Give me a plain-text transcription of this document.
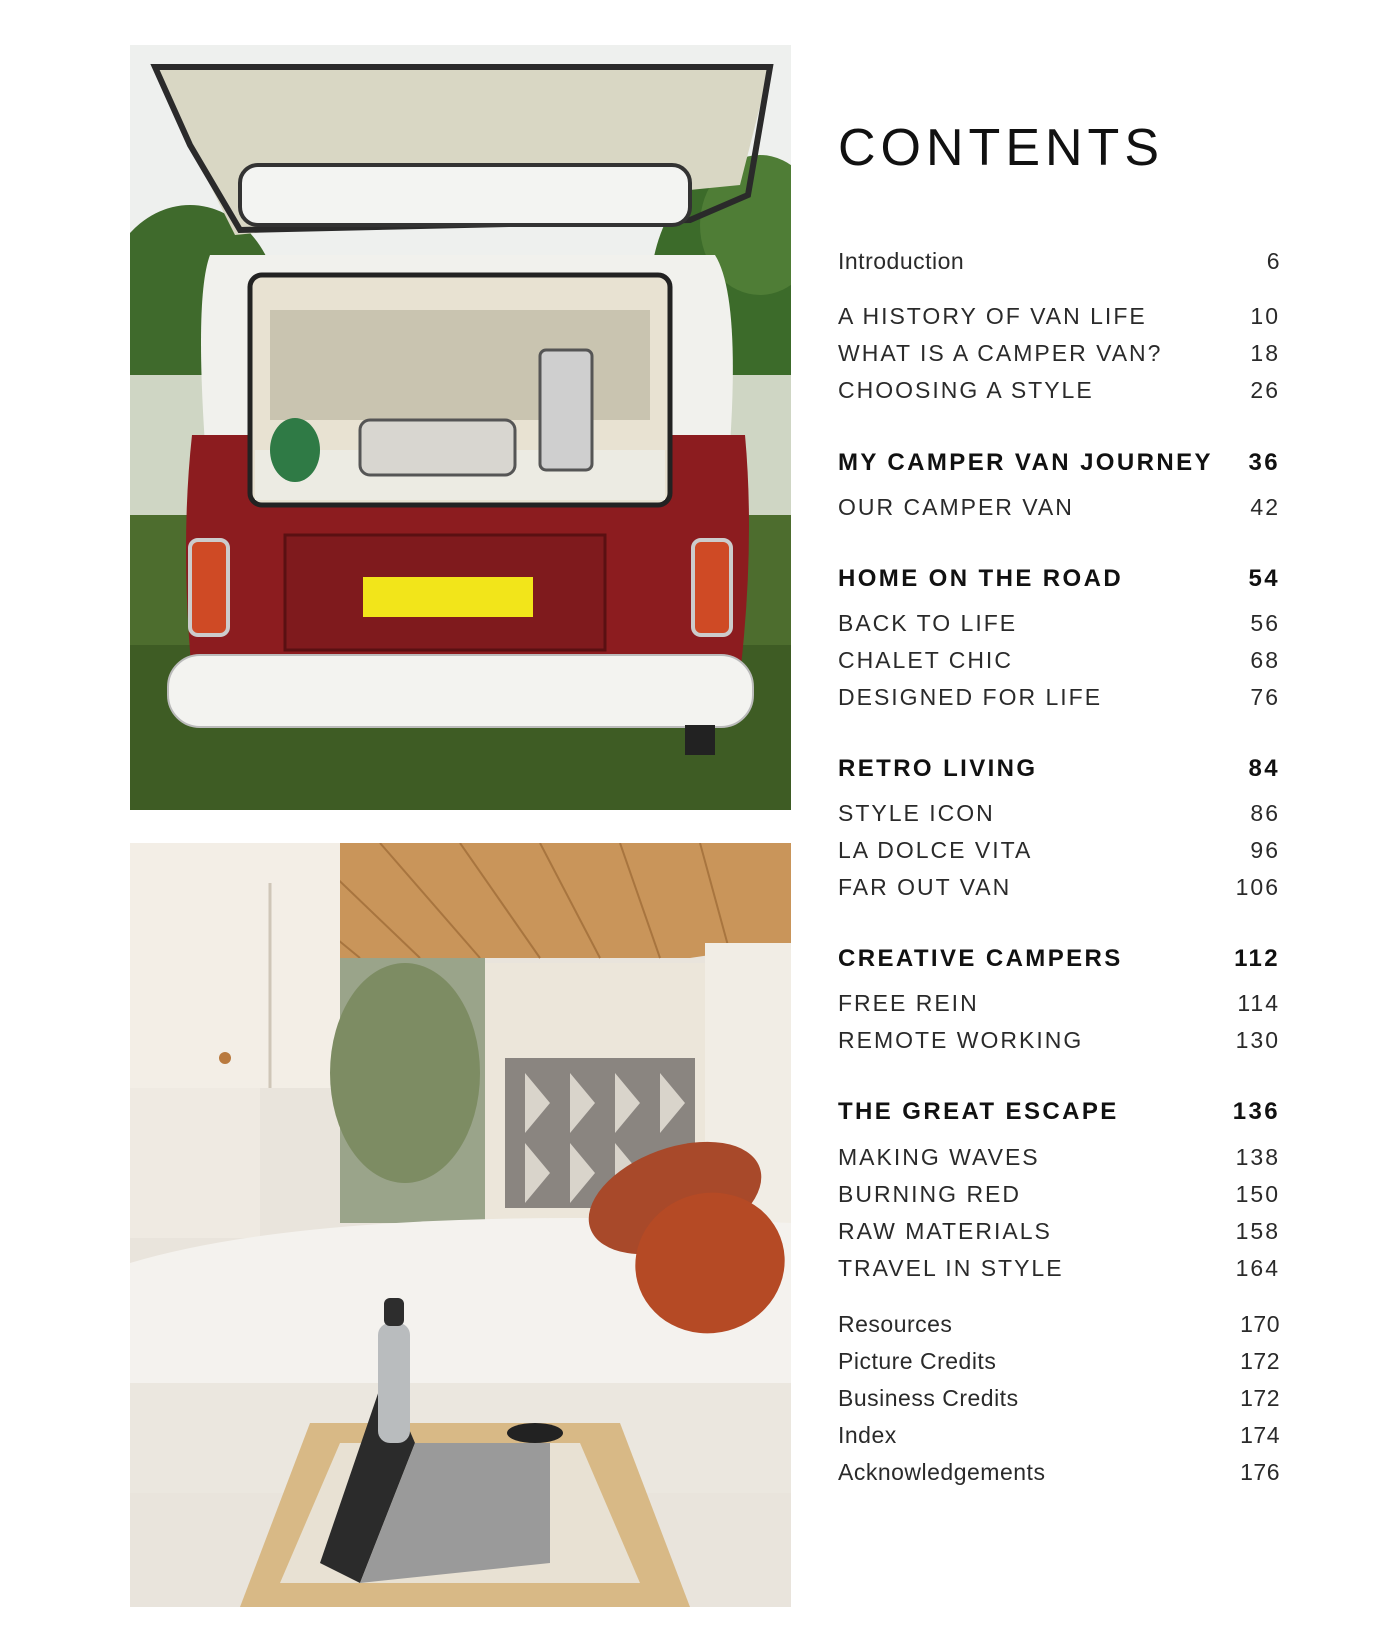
CONTENTS
Introduction	6
A HISTORY OF VAN LIFE	10
WHAT IS A CAMPER VAN?	18
CHOOSING A STYLE	26
MY CAMPER VAN JOURNEY 36
OUR CAMPER VAN	42
HOME ON THE ROAD	54
BACK TO LIFE	56
CHALET CHIC	68
DESIGNED FOR LIFE	76
RETRO LIVING	84
STYLE ICON	86
LA DOLCE VITA	96
FAR OUT VAN	106
CREATIVE CAMPERS	112
FREE REIN	114
REMOTE WORKING	130
THE GREAT ESCAPE	136
MAKING WAVES	138
BURNING RED	150
RAW MATERIALS	158
TRAVEL IN STYLE	164
Resources	170
Picture Credits	172
Business Credits	172
Index	174
Acknowledgements	176
